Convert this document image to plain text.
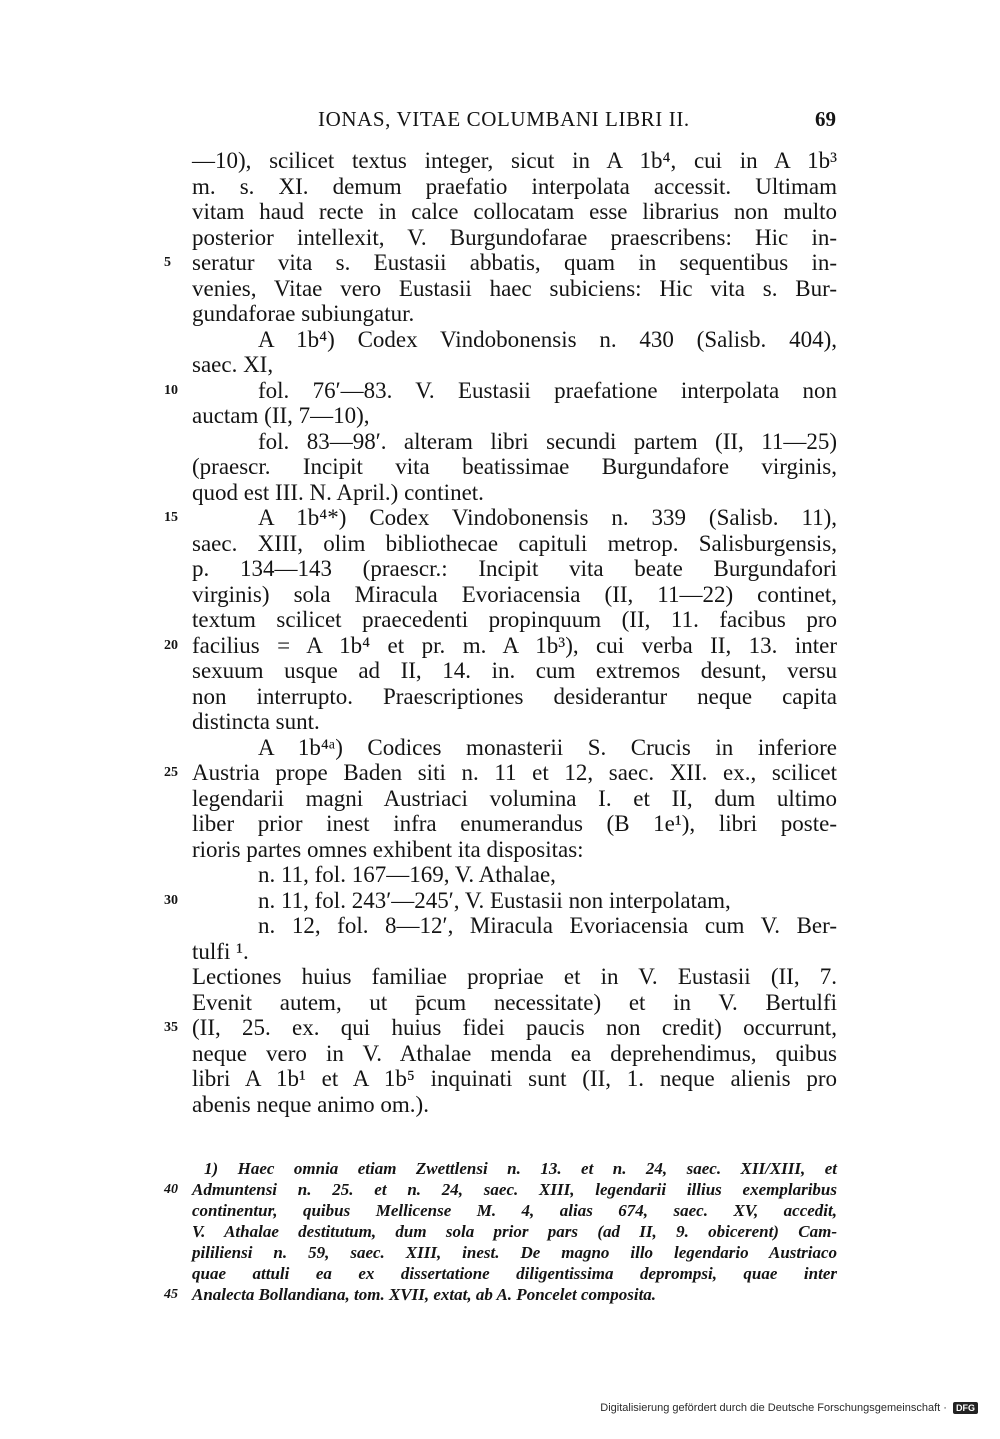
IONAS, VITAE COLUMBANI LIBRI II.	69
—10), scilicet textus integer, sicut in A 1b⁴, cui in A 1b³
m. s. XI. demum praefatio interpolata accessit. Ultimam
vitam haud recte in calce collocatam esse librarius non multo
posterior intellexit, V. Burgundofarae praescribens: Hic in-
5 seratur vita s. Eustasii abbatis, quam in sequentibus in-
venies, Vitae vero Eustasii haec subiciens: Hic vita s. Bur-
gundaforae subiungatur.
A 1b⁴) Codex Vindobonensis n. 430 (Salisb. 404),
saec. XI,
10	fol. 76′—83. V. Eustasii praefatione interpolata non
auctam (II, 7—10),
fol. 83—98′. alteram libri secundi partem (II, 11—25)
(praescr. Incipit vita beatissimae Burgundafore virginis,
quod est III. N. April.) continet.
15	A 1b⁴*) Codex Vindobonensis n. 339 (Salisb. 11),
saec. XIII, olim bibliothecae capituli metrop. Salisburgensis,
p. 134—143 (praescr.: Incipit vita beate Burgundafori
virginis) sola Miracula Evoriacensia (II, 11—22) continet,
textum scilicet praecedenti propinquum (II, 11. facibus pro
20 facilius = A 1b⁴ et pr. m. A 1b³), cui verba II, 13. inter
sexuum usque ad II, 14. in. cum extremos desunt, versu
non interrupto. Praescriptiones desiderantur neque capita
distincta sunt.
A 1b⁴ᵃ) Codices monasterii S. Crucis in inferiore
25 Austria prope Baden siti n. 11 et 12, saec. XII. ex., scilicet
legendarii magni Austriaci volumina I. et II, dum ultimo
liber prior inest infra enumerandus (B 1e¹), libri poste-
rioris partes omnes exhibent ita dispositas:
n. 11, fol. 167—169, V. Athalae,
30	n. 11, fol. 243′—245′, V. Eustasii non interpolatam,
n. 12, fol. 8—12′, Miracula Evoriacensia cum V. Ber-
tulfi ¹.
Lectiones huius familiae propriae et in V. Eustasii (II, 7.
Evenit autem, ut p̄cum necessitate) et in V. Bertulfi
35 (II, 25. ex. qui huius fidei paucis non credit) occurrunt,
neque vero in V. Athalae menda ea deprehendimus, quibus
libri A 1b¹ et A 1b⁵ inquinati sunt (II, 1. neque alienis pro
abenis neque animo om.).
1) Haec omnia etiam Zwettlensi n. 13. et n. 24, saec. XII/XIII, et
40 Admuntensi n. 25. et n. 24, saec. XIII, legendarii illius exemplaribus
continentur, quibus Mellicense M. 4, alias 674, saec. XV, accedit,
V. Athalae destitutum, dum sola prior pars (ad II, 9. obicerent) Cam-
pililiensi n. 59, saec. XIII, inest. De magno illo legendario Austriaco
quae attuli ea ex dissertatione diligentissima deprompsi, quae inter
45 Analecta Bollandiana, tom. XVII, extat, ab A. Poncelet composita.
Digitalisierung gefördert durch die Deutsche Forschungsgemeinschaft · DFG
